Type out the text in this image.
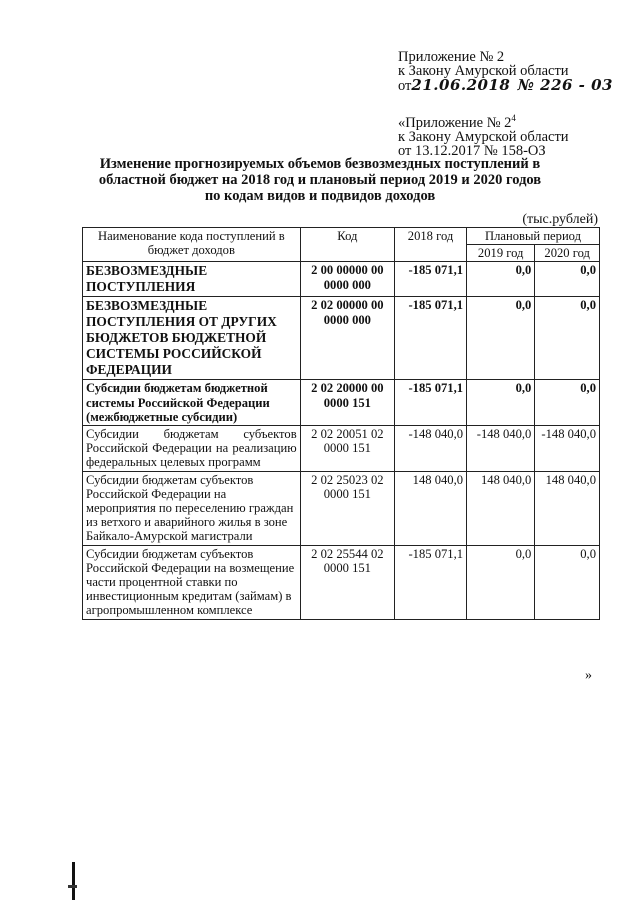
Приложение № 2
к Закону Амурской области
от21.06.2018 № 226 - 03
«Приложение № $2^4$
к Закону Амурской области
от 13.12.2017 № 158-ОЗ
Изменение прогнозируемых объемов безвозмездных поступлений в областной бюджет на 2018 год и плановый период 2019 и 2020 годов по кодам видов и подвидов доходов
(тыс.рублей)
Наименование кода поступлений в бюджет доходов	Код	2018 год	Плановый период	
			2019 год	2020 год
БЕЗВОЗМЕЗДНЫЕ ПОСТУПЛЕНИЯ	2 00 00000 00 0000 000	-185 071,1	0,0	0,0
БЕЗВОЗМЕЗДНЫЕ ПОСТУПЛЕНИЯ ОТ ДРУГИХ БЮДЖЕТОВ БЮДЖЕТНОЙ СИСТЕМЫ РОССИЙСКОЙ ФЕДЕРАЦИИ	2 02 00000 00 0000 000	-185 071,1	0,0	0,0
Субсидии бюджетам бюджетной системы Российской Федерации (межбюджетные субсидии)	2 02 20000 00 0000 151	-185 071,1	0,0	0,0
Субсидии бюджетам субъектов Российской Федерации на реализацию федеральных целевых программ	2 02 20051 02 0000 151	-148 040,0	-148 040,0	-148 040,0
Субсидии бюджетам субъектов Российской Федерации на мероприятия по переселению граждан из ветхого и аварийного жилья в зоне Байкало-Амурской магистрали	2 02 25023 02 0000 151	148 040,0	148 040,0	148 040,0
Субсидии бюджетам субъектов Российской Федерации на возмещение части процентной ставки по инвестиционным кредитам (займам) в агропромышленном комплексе	2 02 25544 02 0000 151	-185 071,1	0,0	0,0
»
